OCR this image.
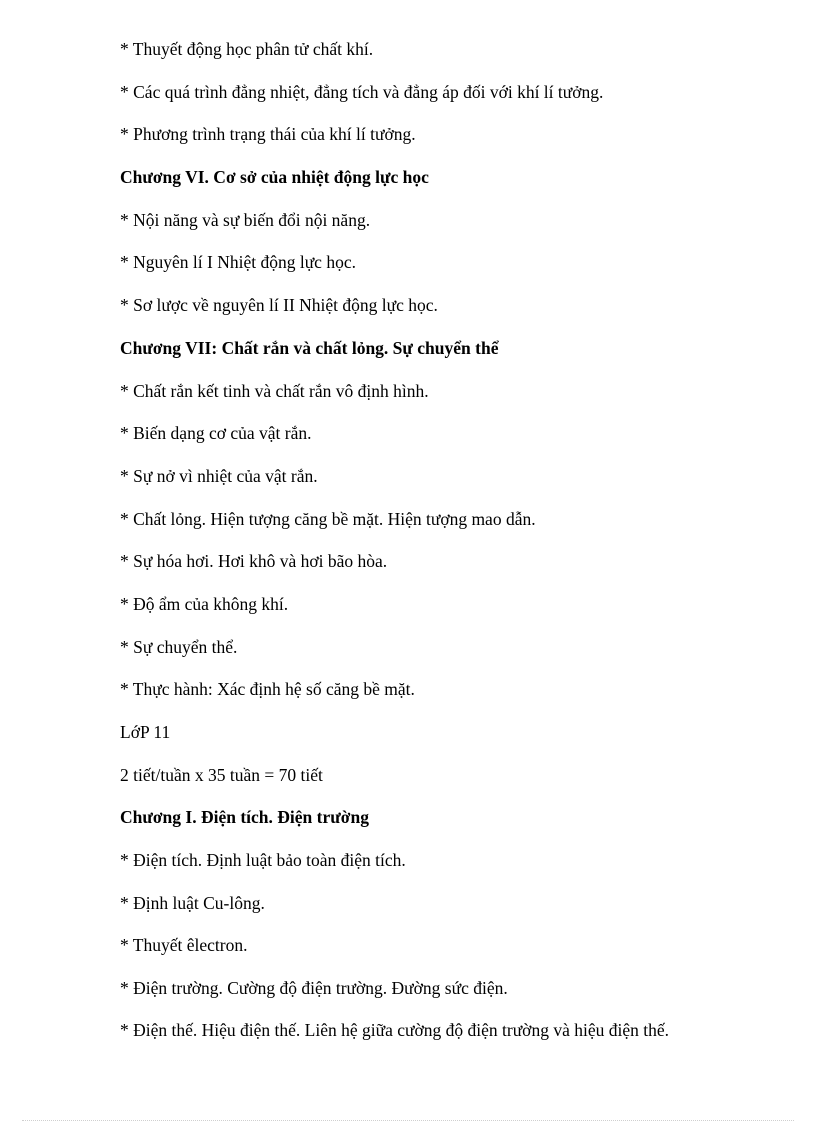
* Thuyết động học phân tử chất khí.

* Các quá trình đẳng nhiệt, đẳng tích và đẳng áp đối với khí lí tưởng.

* Phương trình trạng thái của khí lí tưởng.

Chương VI. Cơ sở của nhiệt động lực học

* Nội năng và sự biến đổi nội năng.

* Nguyên lí I Nhiệt động lực học.

* Sơ lược về nguyên lí II Nhiệt động lực học.

Chương VII: Chất rắn và chất lỏng. Sự chuyển thể

* Chất rắn kết tinh và chất rắn vô định hình.

* Biến dạng cơ của vật rắn.

* Sự nở vì nhiệt của vật rắn.

* Chất lỏng. Hiện tượng căng bề mặt. Hiện tượng mao dẫn.

* Sự hóa hơi. Hơi khô và hơi bão hòa.

* Độ ẩm của không khí.

* Sự chuyển thể.

* Thực hành: Xác định hệ số căng bề mặt.

LớP 11

2 tiết/tuần x 35 tuần = 70 tiết

Chương I. Điện tích. Điện trường

* Điện tích. Định luật bảo toàn điện tích.

* Định luật Cu-lông.

* Thuyết êlectron.

* Điện trường. Cường độ điện trường. Đường sức điện.

* Điện thế. Hiệu điện thế. Liên hệ giữa cường độ điện trường và hiệu điện thế.
